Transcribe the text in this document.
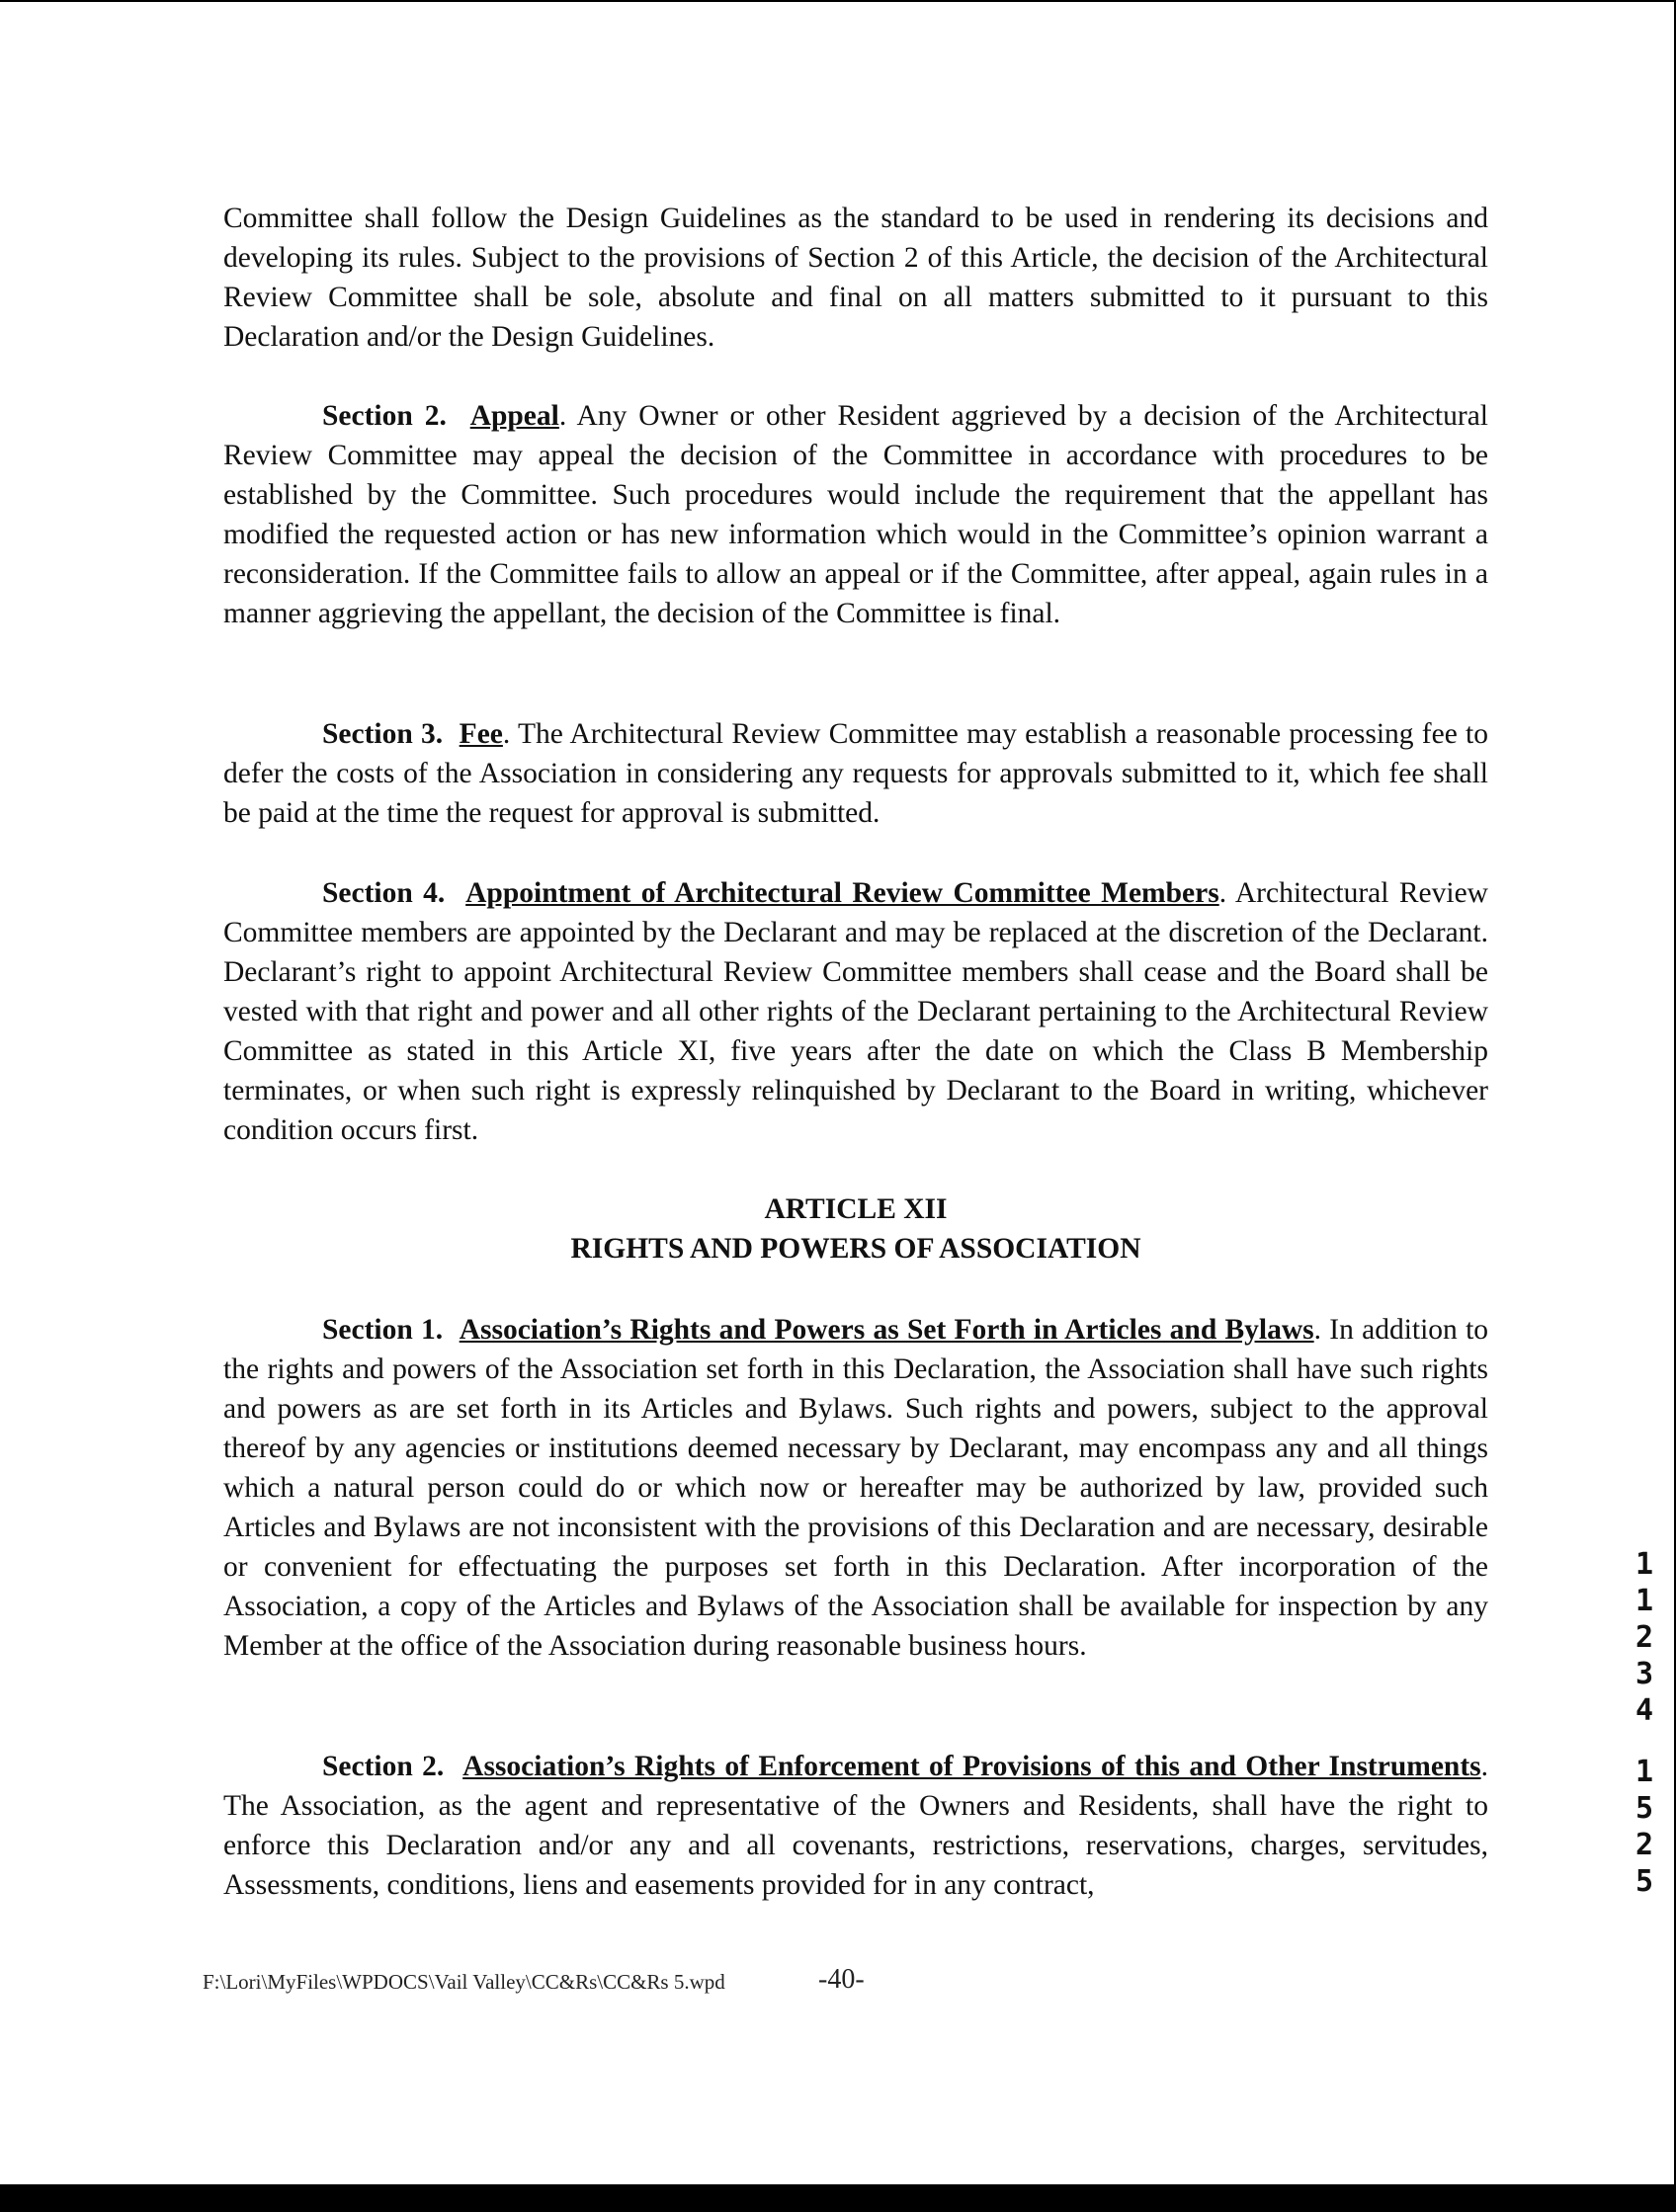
Committee shall follow the Design Guidelines as the standard to be used in rendering its decisions and developing its rules. Subject to the provisions of Section 2 of this Article, the decision of the Architectural Review Committee shall be sole, absolute and final on all matters submitted to it pursuant to this Declaration and/or the Design Guidelines.

Section 2. Appeal. Any Owner or other Resident aggrieved by a decision of the Architectural Review Committee may appeal the decision of the Committee in accordance with procedures to be established by the Committee. Such procedures would include the requirement that the appellant has modified the requested action or has new information which would in the Committee’s opinion warrant a reconsideration. If the Committee fails to allow an appeal or if the Committee, after appeal, again rules in a manner aggrieving the appellant, the decision of the Committee is final.

Section 3. Fee. The Architectural Review Committee may establish a reasonable processing fee to defer the costs of the Association in considering any requests for approvals submitted to it, which fee shall be paid at the time the request for approval is submitted.

Section 4. Appointment of Architectural Review Committee Members. Architectural Review Committee members are appointed by the Declarant and may be replaced at the discretion of the Declarant. Declarant’s right to appoint Architectural Review Committee members shall cease and the Board shall be vested with that right and power and all other rights of the Declarant pertaining to the Architectural Review Committee as stated in this Article XI, five years after the date on which the Class B Membership terminates, or when such right is expressly relinquished by Declarant to the Board in writing, whichever condition occurs first.

ARTICLE XII
RIGHTS AND POWERS OF ASSOCIATION

Section 1. Association’s Rights and Powers as Set Forth in Articles and Bylaws. In addition to the rights and powers of the Association set forth in this Declaration, the Association shall have such rights and powers as are set forth in its Articles and Bylaws. Such rights and powers, subject to the approval thereof by any agencies or institutions deemed necessary by Declarant, may encompass any and all things which a natural person could do or which now or hereafter may be authorized by law, provided such Articles and Bylaws are not inconsistent with the provisions of this Declaration and are necessary, desirable or convenient for effectuating the purposes set forth in this Declaration. After incorporation of the Association, a copy of the Articles and Bylaws of the Association shall be available for inspection by any Member at the office of the Association during reasonable business hours.

Section 2. Association’s Rights of Enforcement of Provisions of this and Other Instruments. The Association, as the agent and representative of the Owners and Residents, shall have the right to enforce this Declaration and/or any and all covenants, restrictions, reservations, charges, servitudes, Assessments, conditions, liens and easements provided for in any contract,

F:\Lori\MyFiles\WPDOCS\Vail Valley\CC&Rs\CC&Rs 5.wpd	-40-
1
1
2
3
4
1
5
2
5
